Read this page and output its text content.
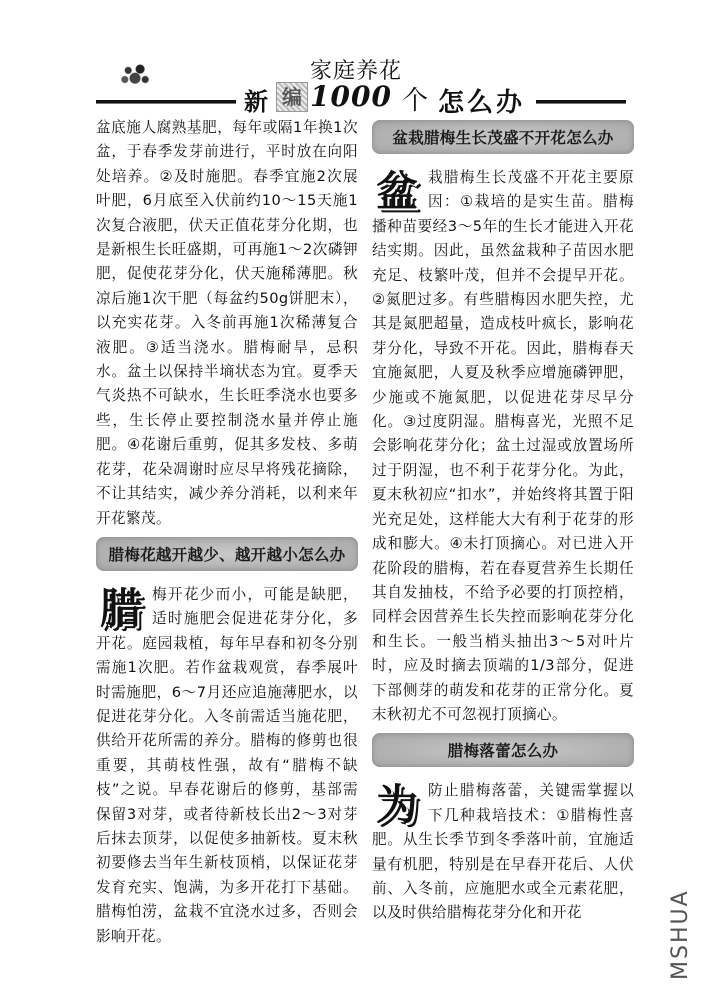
新 编
家庭养花
1000 个 怎么办

盆底施人腐熟基肥，每年或隔1年换1次盆，于春季发芽前进行，平时放在向阳处培养。②及时施肥。春季宜施2次展叶肥，6月底至入伏前约10～15天施1次复合液肥，伏天正值花芽分化期，也是新根生长旺盛期，可再施1～2次磷钾肥，促使花芽分化，伏天施稀薄肥。秋凉后施1次干肥（每盆约50g饼肥末），以充实花芽。入冬前再施1次稀薄复合液肥。③适当浇水。腊梅耐旱，忌积水。盆土以保持半墒状态为宜。夏季天气炎热不可缺水，生长旺季浇水也要多些，生长停止要控制浇水量并停止施肥。④花谢后重剪，促其多发枝、多萌花芽，花朵凋谢时应尽早将残花摘除，不让其结实，减少养分消耗，以利来年开花繁茂。

腊梅花越开越少、越开越小怎么办
腊 梅开花少而小，可能是缺肥，适时施肥会促进花芽分化，多开花。庭园栽植，每年早春和初冬分别需施1次肥。若作盆栽观赏，春季展叶时需施肥，6～7月还应追施薄肥水，以促进花芽分化。入冬前需适当施花肥，供给开花所需的养分。腊梅的修剪也很重要，其萌枝性强，故有“腊梅不缺枝”之说。早春花谢后的修剪，基部需保留3对芽，或者待新枝长出2～3对芽后抹去顶芽，以促使多抽新枝。夏末秋初要修去当年生新枝顶梢，以保证花芽发育充实、饱满，为多开花打下基础。腊梅怕涝，盆栽不宜浇水过多，否则会影响开花。

盆栽腊梅生长茂盛不开花怎么办
盆 栽腊梅生长茂盛不开花主要原因：①栽培的是实生苗。腊梅播种苗要经3～5年的生长才能进入开花结实期。因此，虽然盆栽种子苗因水肥充足、枝繁叶茂，但并不会提早开花。②氮肥过多。有些腊梅因水肥失控，尤其是氮肥超量，造成枝叶疯长，影响花芽分化，导致不开花。因此，腊梅春天宜施氮肥，人夏及秋季应增施磷钾肥，少施或不施氮肥，以促进花芽尽早分化。③过度阴湿。腊梅喜光，光照不足会影响花芽分化；盆土过湿或放置场所过于阴湿，也不利于花芽分化。为此，夏末秋初应“扣水”，并始终将其置于阳光充足处，这样能大大有利于花芽的形成和膨大。④未打顶摘心。对已进入开花阶段的腊梅，若在春夏营养生长期任其自发抽枝，不给予必要的打顶控梢，同样会因营养生长失控而影响花芽分化和生长。一般当梢头抽出3～5对叶片时，应及时摘去顶端的1/3部分，促进下部侧芽的萌发和花芽的正常分化。夏末秋初尤不可忽视打顶摘心。

腊梅落蕾怎么办
为 防止腊梅落蕾，关键需掌握以下几种栽培技术：①腊梅性喜肥。从生长季节到冬季落叶前，宜施适量有机肥，特别是在早春开花后、人伏前、入冬前，应施肥水或全元素花肥，以及时供给腊梅花芽分化和开花	MSHUA
